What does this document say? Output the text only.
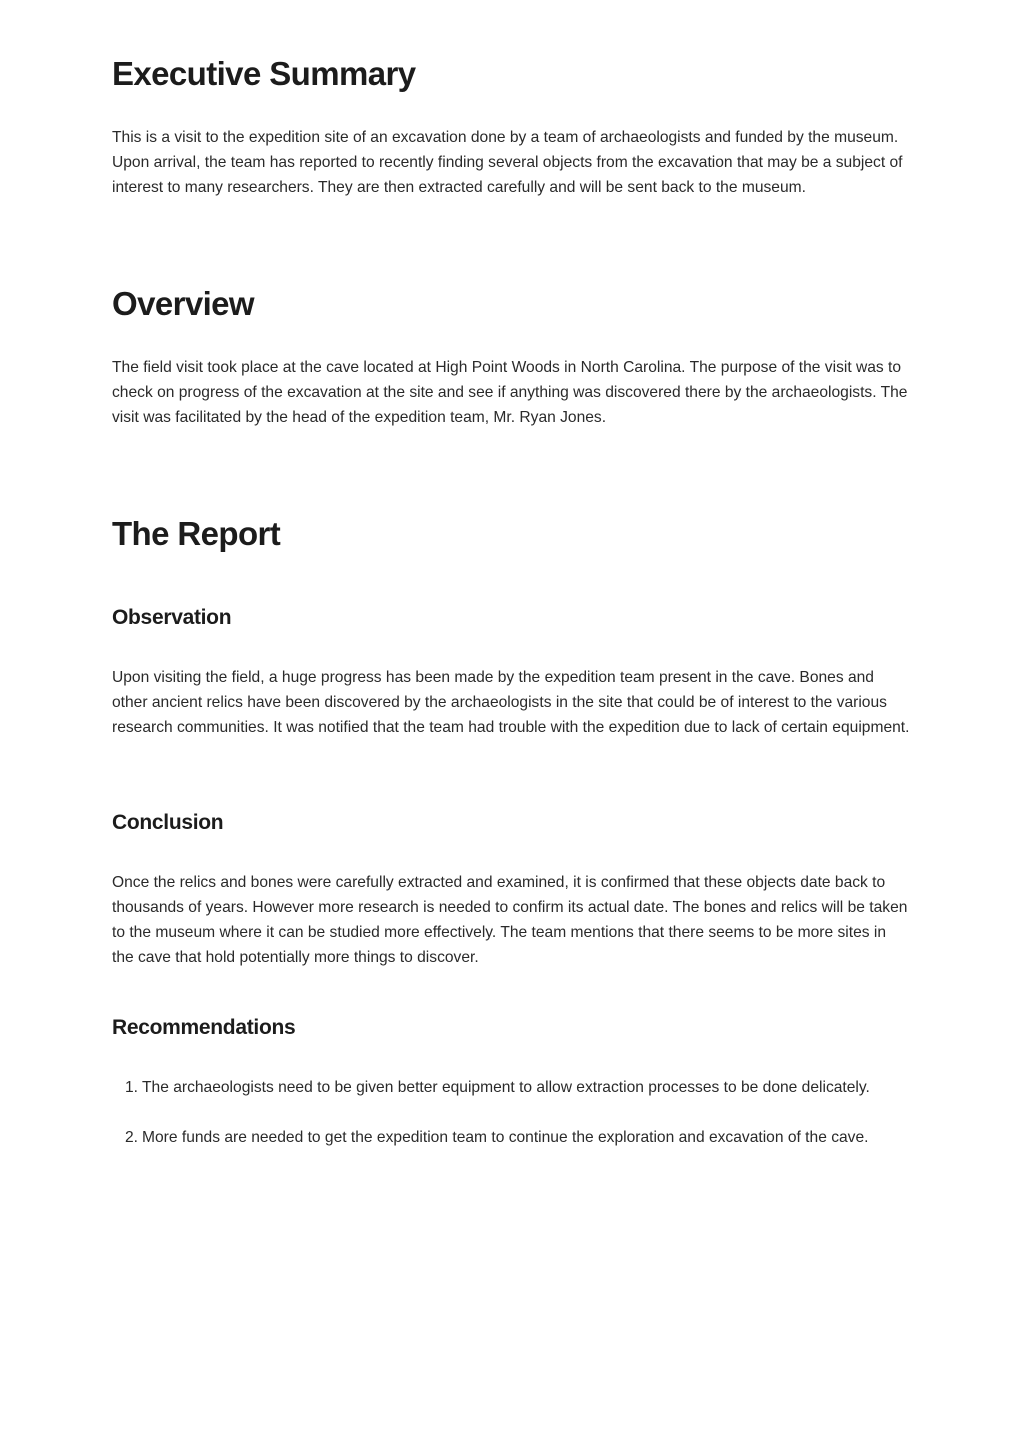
Executive Summary

This is a visit to the expedition site of an excavation done by a team of archaeologists and funded by the museum. Upon arrival, the team has reported to recently finding several objects from the excavation that may be a subject of interest to many researchers. They are then extracted carefully and will be sent back to the museum.

Overview

The field visit took place at the cave located at High Point Woods in North Carolina. The purpose of the visit was to check on progress of the excavation at the site and see if anything was discovered there by the archaeologists. The visit was facilitated by the head of the expedition team, Mr. Ryan Jones.

The Report
Observation

Upon visiting the field, a huge progress has been made by the expedition team present in the cave. Bones and other ancient relics have been discovered by the archaeologists in the site that could be of interest to the various research communities. It was notified that the team had trouble with the expedition due to lack of certain equipment.

Conclusion

Once the relics and bones were carefully extracted and examined, it is confirmed that these objects date back to thousands of years. However more research is needed to confirm its actual date. The bones and relics will be taken to the museum where it can be studied more effectively. The team mentions that there seems to be more sites in the cave that hold potentially more things to discover.

Recommendations
1. The archaeologists need to be given better equipment to allow extraction processes to be done delicately.
2. More funds are needed to get the expedition team to continue the exploration and excavation of the cave.
